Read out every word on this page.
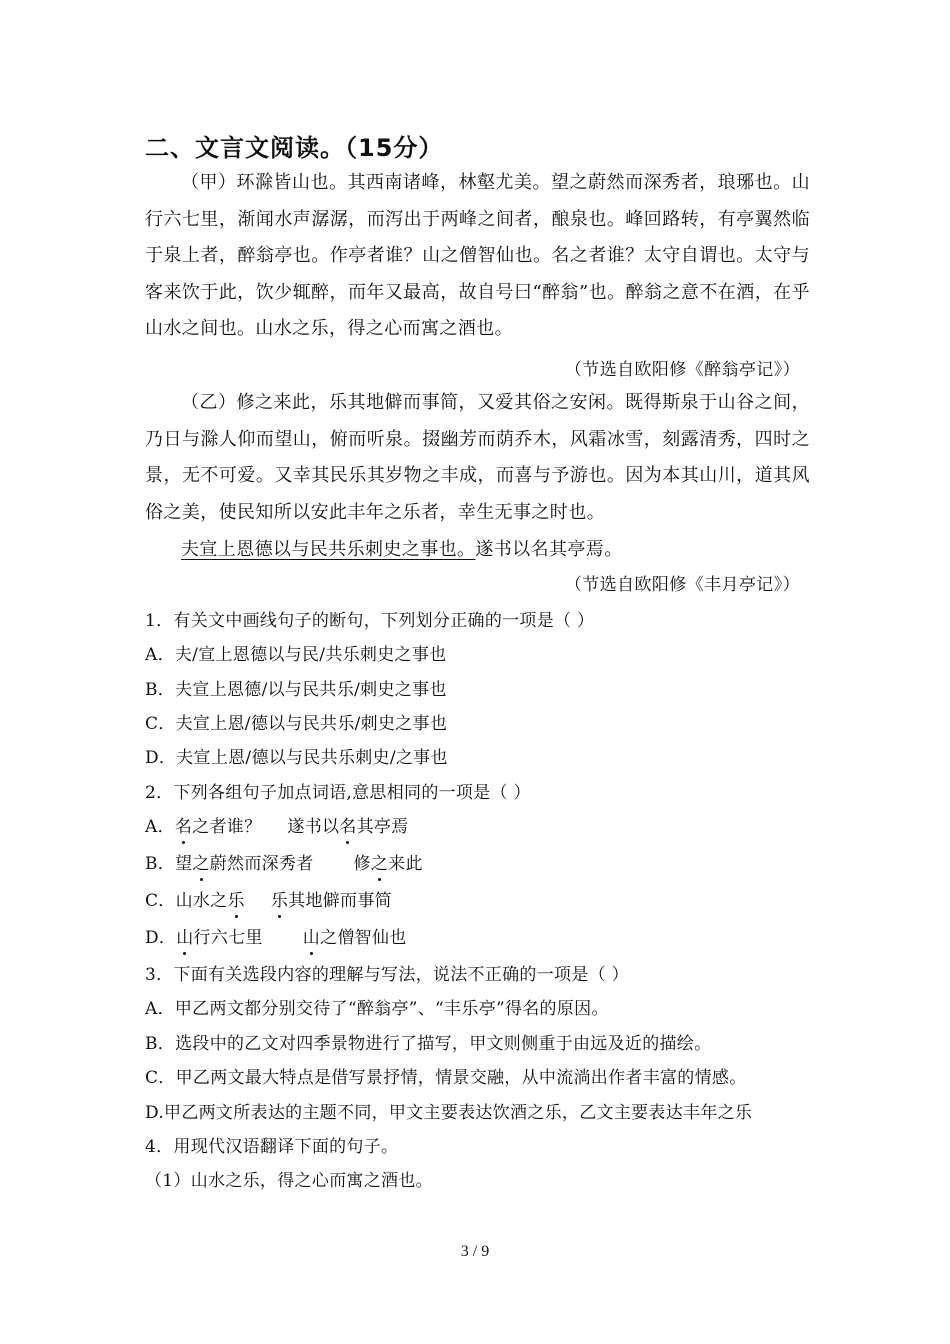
二、文言文阅读。（15分）
（甲）环滁皆山也。其西南诸峰，林壑尤美。望之蔚然而深秀者，琅琊也。山行六七里，渐闻水声潺潺，而泻出于两峰之间者，酿泉也。峰回路转，有亭翼然临于泉上者，醉翁亭也。作亭者谁？山之僧智仙也。名之者谁？太守自谓也。太守与客来饮于此，饮少辄醉，而年又最高，故自号曰“醉翁”也。醉翁之意不在酒，在乎山水之间也。山水之乐，得之心而寓之酒也。
（节选自欧阳修《醉翁亭记》）
（乙）修之来此，乐其地僻而事简，又爱其俗之安闲。既得斯泉于山谷之间，乃日与滁人仰而望山，俯而听泉。掇幽芳而荫乔木，风霜冰雪，刻露清秀，四时之景，无不可爱。又幸其民乐其岁物之丰成，而喜与予游也。因为本其山川，道其风俗之美，使民知所以安此丰年之乐者，幸生无事之时也。
夫宣上恩德以与民共乐刺史之事也。遂书以名其亭焉。
（节选自欧阳修《丰月亭记》）
1．有关文中画线句子的断句，下列划分正确的一项是（ ）
A．夫/宣上恩德以与民/共乐刺史之事也
B．夫宣上恩德/以与民共乐/刺史之事也
C．夫宣上恩/德以与民共乐/刺史之事也
D．夫宣上恩/德以与民共乐刺史/之事也
2．下列各组句子加点词语,意思相同的一项是（ ）
A．名之者谁？ 遂书以名其亭焉
B．望之蔚然而深秀者 修之来此
C．山水之乐 乐其地僻而事简
D．山行六七里 山之僧智仙也
3．下面有关选段内容的理解与写法，说法不正确的一项是（ ）
A．甲乙两文都分别交待了“醉翁亭”、“丰乐亭”得名的原因。
B．选段中的乙文对四季景物进行了描写，甲文则侧重于由远及近的描绘。
C．甲乙两文最大特点是借写景抒情，情景交融，从中流淌出作者丰富的情感。
D.甲乙两文所表达的主题不同，甲文主要表达饮酒之乐，乙文主要表达丰年之乐
4．用现代汉语翻译下面的句子。
（1）山水之乐，得之心而寓之酒也。
3 / 9
